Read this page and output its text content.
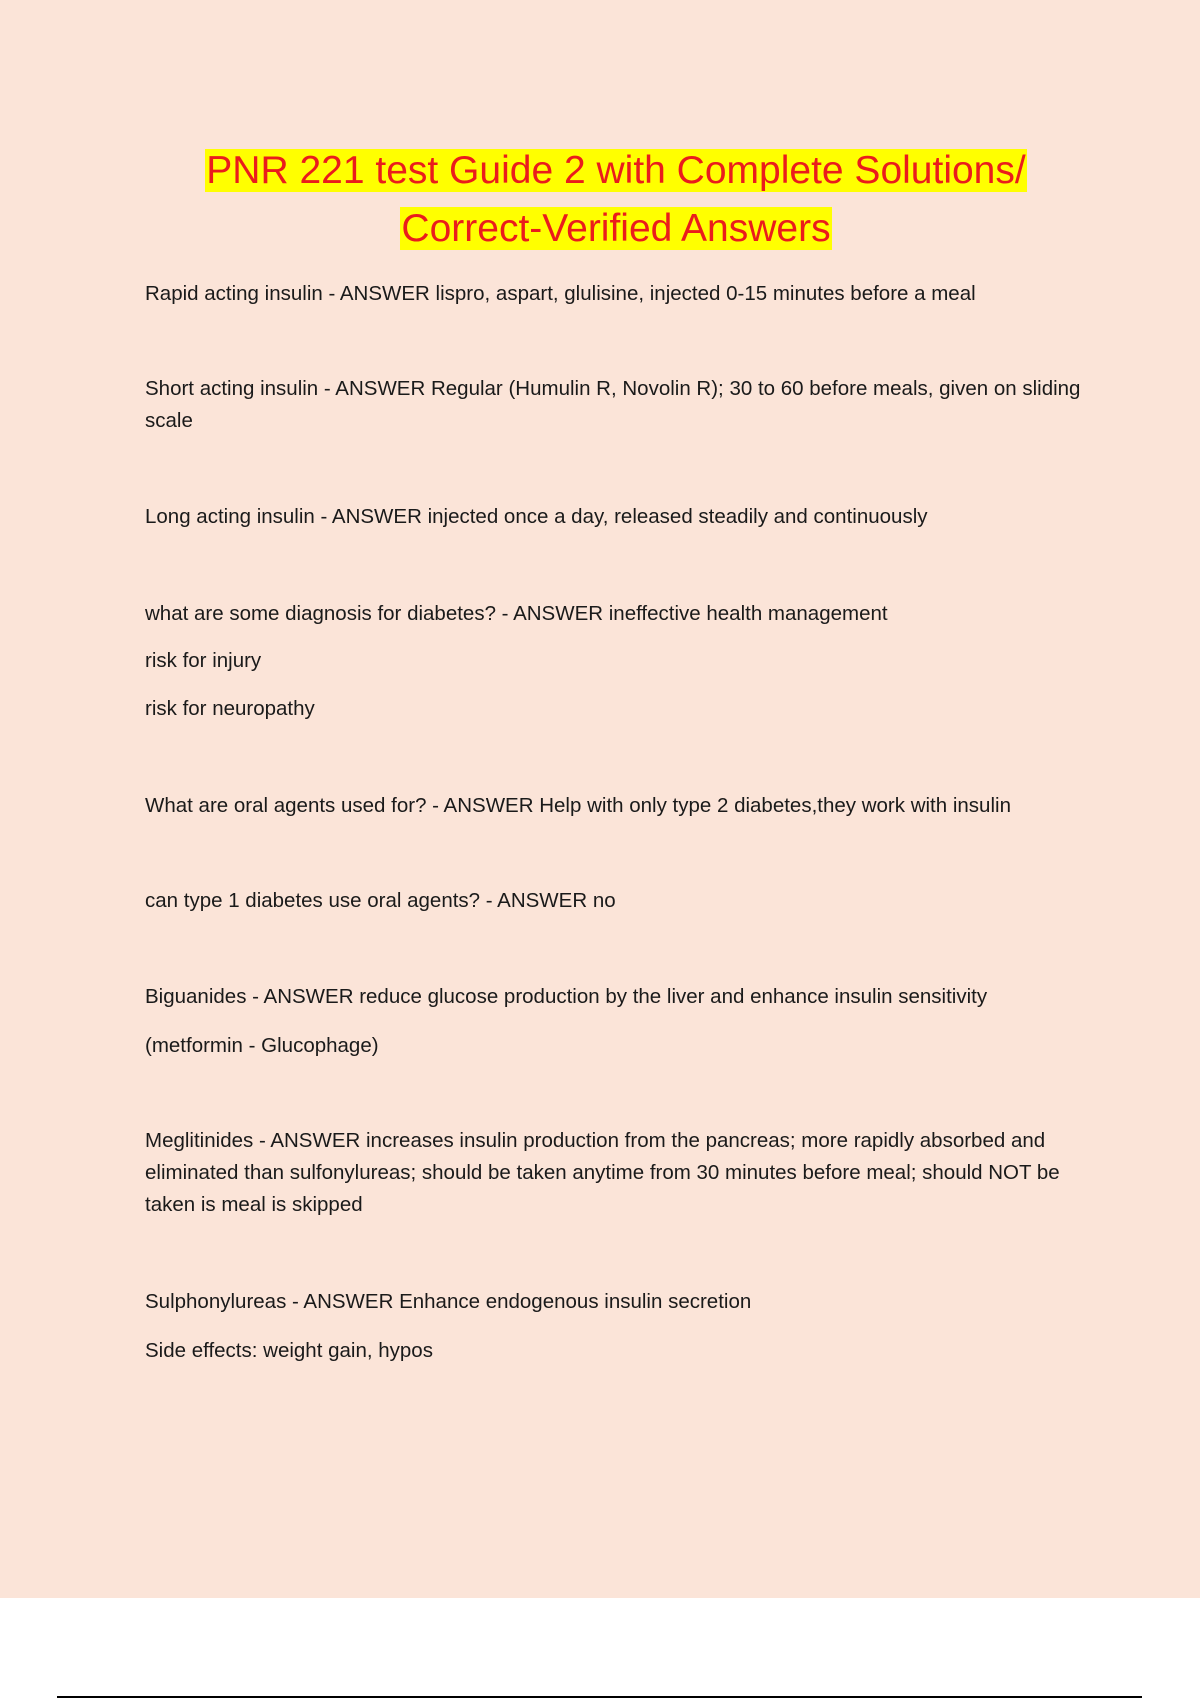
PNR 221 test Guide 2 with Complete Solutions/
Correct-Verified Answers

Rapid acting insulin - ANSWER lispro, aspart, glulisine, injected 0-15 minutes before a meal

Short acting insulin - ANSWER Regular (Humulin R, Novolin R); 30 to 60 before meals, given on sliding scale

Long acting insulin - ANSWER injected once a day, released steadily and continuously

what are some diagnosis for diabetes? - ANSWER ineffective health management

risk for injury

risk for neuropathy

What are oral agents used for? - ANSWER Help with only type 2 diabetes,they work with insulin

can type 1 diabetes use oral agents? - ANSWER no

Biguanides - ANSWER reduce glucose production by the liver and enhance insulin sensitivity

(metformin - Glucophage)

Meglitinides - ANSWER increases insulin production from the pancreas; more rapidly absorbed and eliminated than sulfonylureas; should be taken anytime from 30 minutes before meal; should NOT be taken is meal is skipped

Sulphonylureas - ANSWER Enhance endogenous insulin secretion

Side effects: weight gain, hypos
